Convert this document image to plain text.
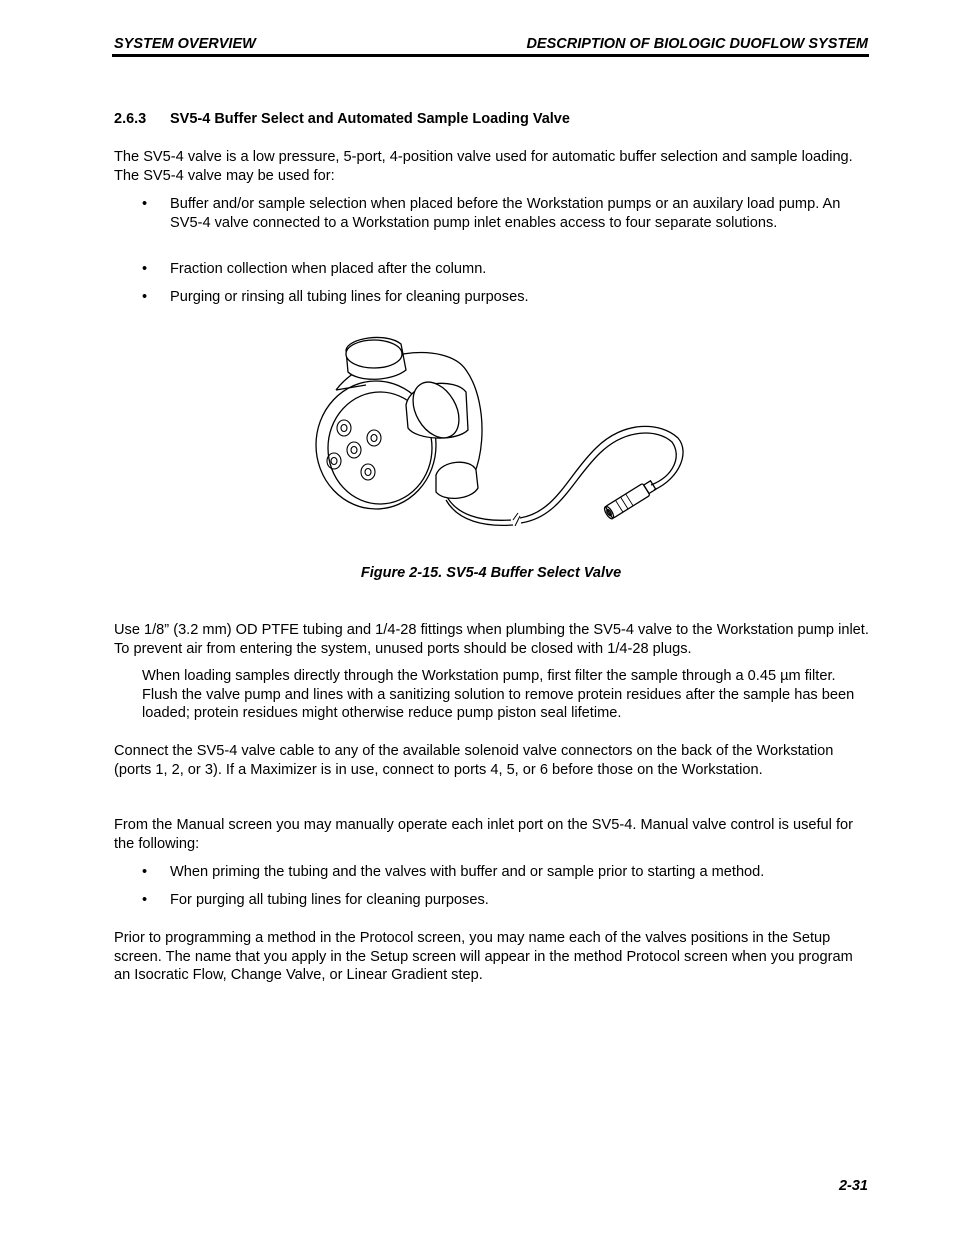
SYSTEM OVERVIEW	DESCRIPTION OF BIOLOGIC DUOFLOW SYSTEM
2.6.3 SV5-4 Buffer Select and Automated Sample Loading Valve
The SV5-4 valve is a low pressure, 5-port, 4-position valve used for automatic buffer selection and sample loading. The SV5-4 valve may be used for:
• Buffer and/or sample selection when placed before the Workstation pumps or an auxilary load pump. An SV5-4 valve connected to a Workstation pump inlet enables access to four separate solutions.
• Fraction collection when placed after the column.
• Purging or rinsing all tubing lines for cleaning purposes.
Figure 2-15. SV5-4 Buffer Select Valve
Use 1/8” (3.2 mm) OD PTFE tubing and 1/4-28 fittings when plumbing the SV5-4 valve to the Workstation pump inlet. To prevent air from entering the system, unused ports should be closed with 1/4-28 plugs.
When loading samples directly through the Workstation pump, first filter the sample through a 0.45 µm filter. Flush the valve pump and lines with a sanitizing solution to remove protein residues after the sample has been loaded; protein residues might otherwise reduce pump piston seal lifetime.
Connect the SV5-4 valve cable to any of the available solenoid valve connectors on the back of the Workstation (ports 1, 2, or 3). If a Maximizer is in use, connect to ports 4, 5, or 6 before those on the Workstation.
From the Manual screen you may manually operate each inlet port on the SV5-4. Manual valve control is useful for the following:
• When priming the tubing and the valves with buffer and or sample prior to starting a method.
• For purging all tubing lines for cleaning purposes.
Prior to programming a method in the Protocol screen, you may name each of the valves positions in the Setup screen. The name that you apply in the Setup screen will appear in the method Protocol screen when you program an Isocratic Flow, Change Valve, or Linear Gradient step.
2-31
